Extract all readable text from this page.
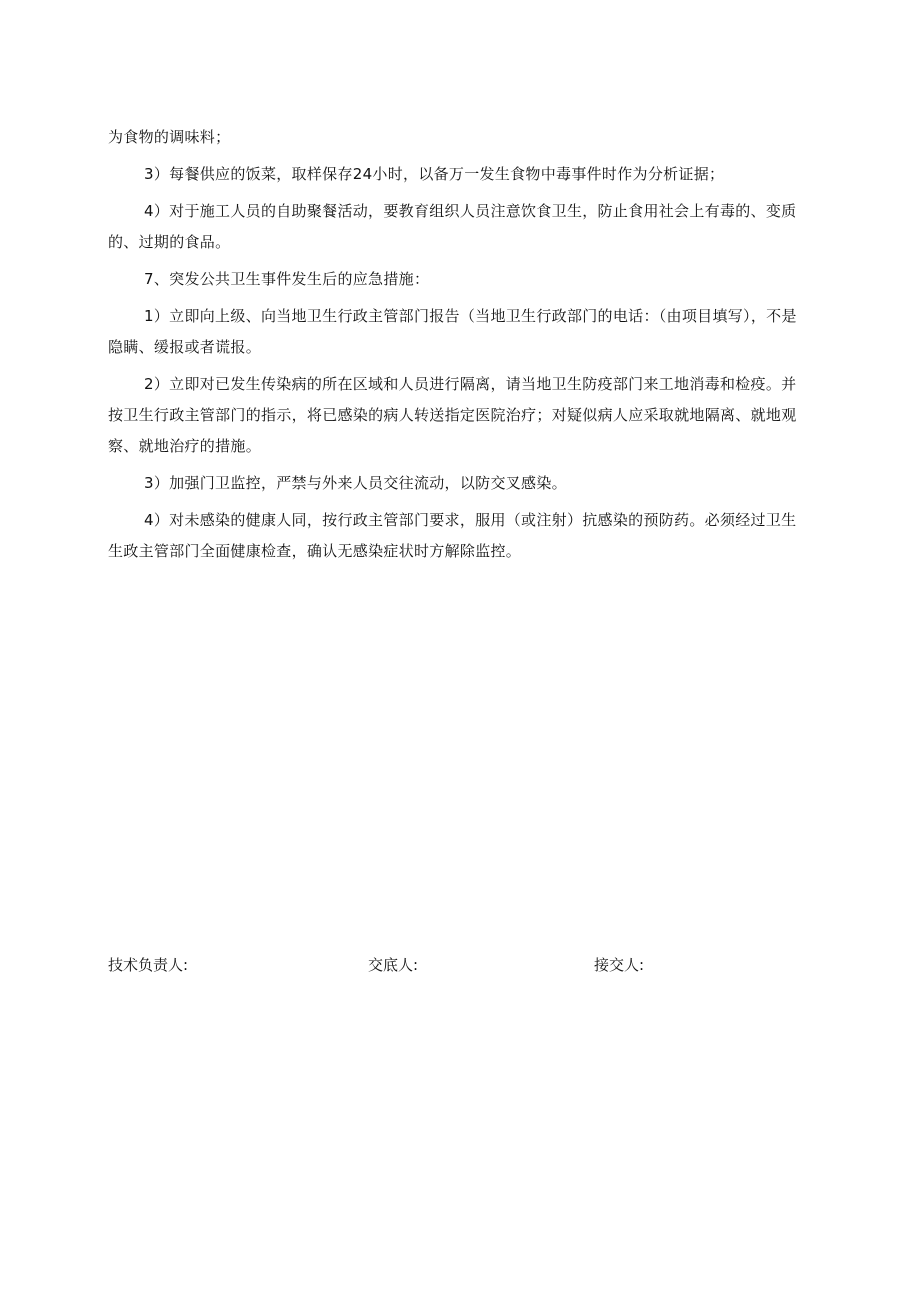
为食物的调味料；

3）每餐供应的饭菜，取样保存24小时，以备万一发生食物中毒事件时作为分析证据；

4）对于施工人员的自助聚餐活动，要教育组织人员注意饮食卫生，防止食用社会上有毒的、变质的、过期的食品。

7、突发公共卫生事件发生后的应急措施：

1）立即向上级、向当地卫生行政主管部门报告（当地卫生行政部门的电话：（由项目填写），不是隐瞒、缓报或者谎报。

2）立即对已发生传染病的所在区域和人员进行隔离，请当地卫生防疫部门来工地消毒和检疫。并按卫生行政主管部门的指示，将已感染的病人转送指定医院治疗；对疑似病人应采取就地隔离、就地观察、就地治疗的措施。

3）加强门卫监控，严禁与外来人员交往流动，以防交叉感染。

4）对未感染的健康人同，按行政主管部门要求，服用（或注射）抗感染的预防药。必须经过卫生生政主管部门全面健康检查，确认无感染症状时方解除监控。

技术负责人:	交底人:	接交人:
